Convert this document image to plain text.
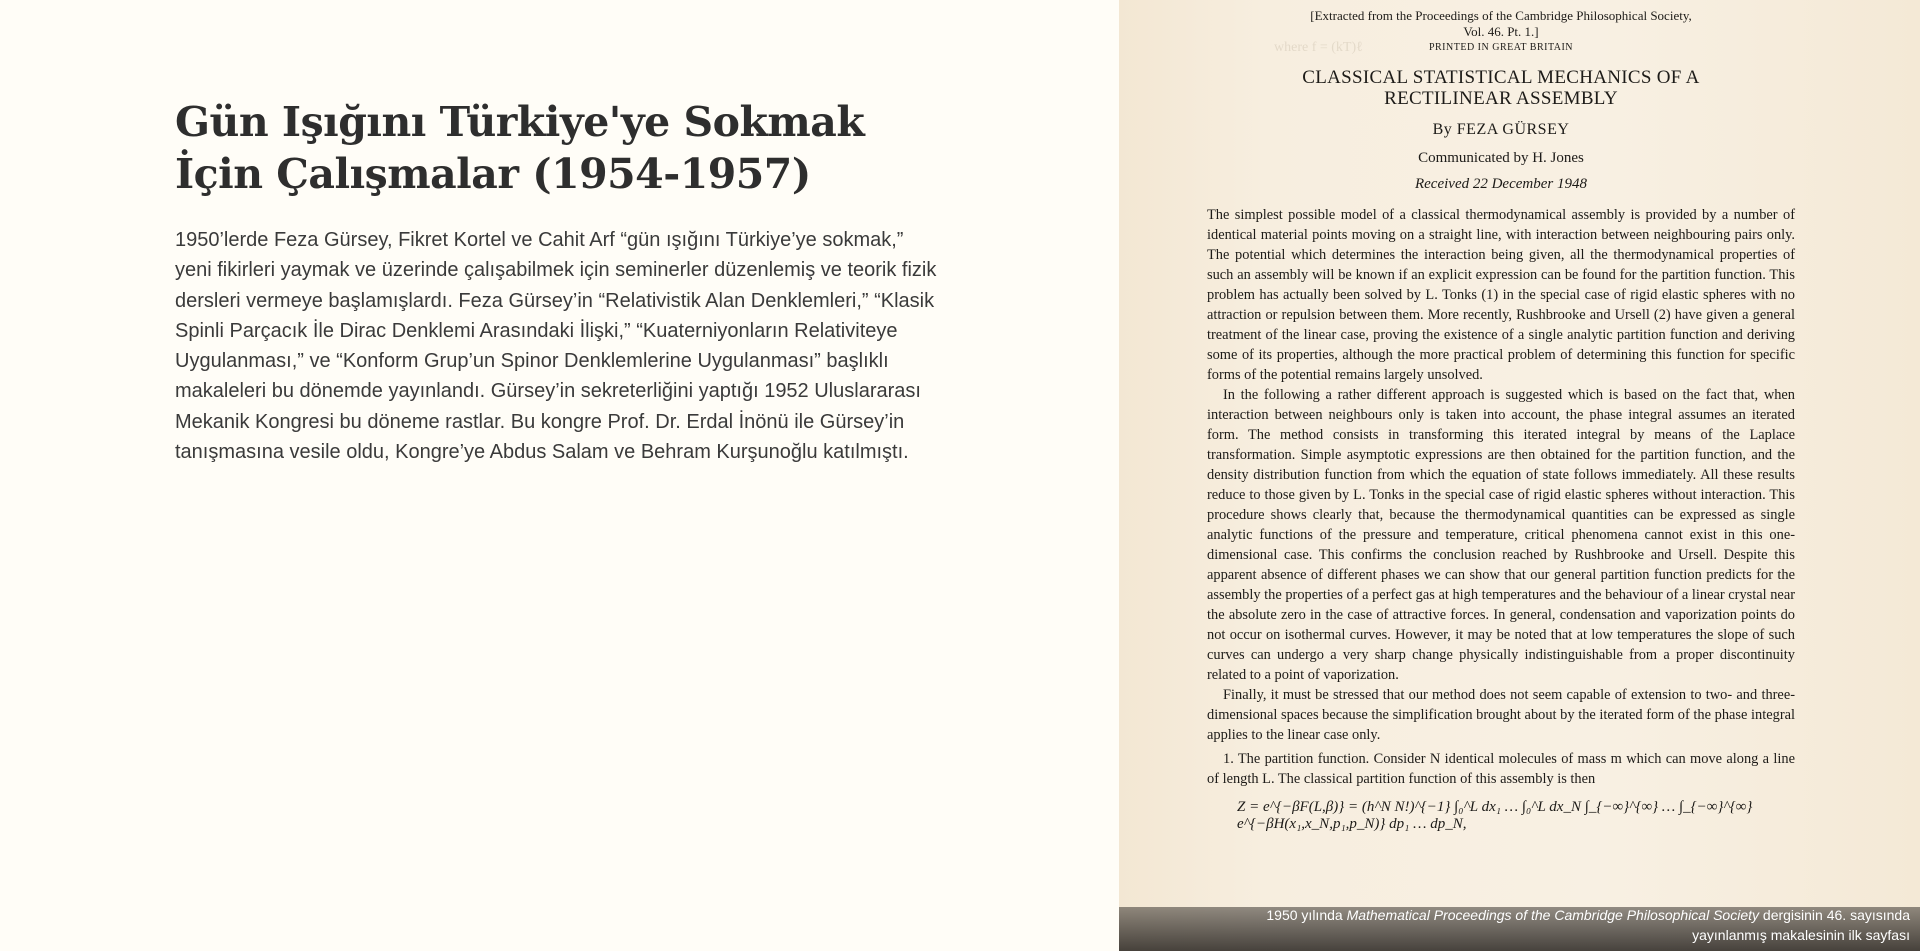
Gün Işığını Türkiye'ye Sokmak İçin Çalışmalar (1954-1957)

1950’lerde Feza Gürsey, Fikret Kortel ve Cahit Arf “gün ışığını Türkiye’ye sokmak,” yeni fikirleri yaymak ve üzerinde çalışabilmek için seminerler düzenlemiş ve teorik fizik dersleri vermeye başlamışlardı. Feza Gürsey’in “Relativistik Alan Denklemleri,” “Klasik Spinli Parçacık İle Dirac Denklemi Arasındaki İlişki,” “Kuaterniyonların Relativiteye Uygulanması,” ve “Konform Grup’un Spinor Denklemlerine Uygulanması” başlıklı makaleleri bu dönemde yayınlandı. Gürsey’in sekreterliğini yaptığı 1952 Uluslararası Mekanik Kongresi bu döneme rastlar. Bu kongre Prof. Dr. Erdal İnönü ile Gürsey’in tanışmasına vesile oldu, Kongre’ye Abdus Salam ve Behram Kurşunoğlu katılmıştı.

where f = (kT)ℓ
[Extracted from the Proceedings of the Cambridge Philosophical Society,
Vol. 46. Pt. 1.]
PRINTED IN GREAT BRITAIN
CLASSICAL STATISTICAL MECHANICS OF A
RECTILINEAR ASSEMBLY
By FEZA GÜRSEY
Communicated by H. Jones
Received 22 December 1948

The simplest possible model of a classical thermodynamical assembly is provided by a number of identical material points moving on a straight line, with interaction between neighbouring pairs only. The potential which determines the interaction being given, all the thermodynamical properties of such an assembly will be known if an explicit expression can be found for the partition function. This problem has actually been solved by L. Tonks (1) in the special case of rigid elastic spheres with no attraction or repulsion between them. More recently, Rushbrooke and Ursell (2) have given a general treatment of the linear case, proving the existence of a single analytic partition function and deriving some of its properties, although the more practical problem of determining this function for specific forms of the potential remains largely unsolved.

In the following a rather different approach is suggested which is based on the fact that, when interaction between neighbours only is taken into account, the phase integral assumes an iterated form. The method consists in transforming this iterated integral by means of the Laplace transformation. Simple asymptotic expressions are then obtained for the partition function, and the density distribution function from which the equation of state follows immediately. All these results reduce to those given by L. Tonks in the special case of rigid elastic spheres without interaction. This procedure shows clearly that, because the thermodynamical quantities can be expressed as single analytic functions of the pressure and temperature, critical phenomena cannot exist in this one-dimensional case. This confirms the conclusion reached by Rushbrooke and Ursell. Despite this apparent absence of different phases we can show that our general partition function predicts for the assembly the properties of a perfect gas at high temperatures and the behaviour of a linear crystal near the absolute zero in the case of attractive forces. In general, condensation and vaporization points do not occur on isothermal curves. However, it may be noted that at low temperatures the slope of such curves can undergo a very sharp change physically indistinguishable from a proper discontinuity related to a point of vaporization.

Finally, it must be stressed that our method does not seem capable of extension to two- and three-dimensional spaces because the simplification brought about by the iterated form of the phase integral applies to the linear case only.

1. The partition function. Consider N identical molecules of mass m which can move along a line of length L. The classical partition function of this assembly is then

Z = e^{−βF(L,β)} = (h^N N!)^{−1} ∫₀^L dx₁ … ∫₀^L dx_N ∫_{−∞}^{∞} … ∫_{−∞}^{∞} e^{−βH(x₁,x_N,p₁,p_N)} dp₁ … dp_N,
1950 yılında Mathematical Proceedings of the Cambridge Philosophical Society dergisinin 46. sayısında
yayınlanmış makalesinin ilk sayfası
